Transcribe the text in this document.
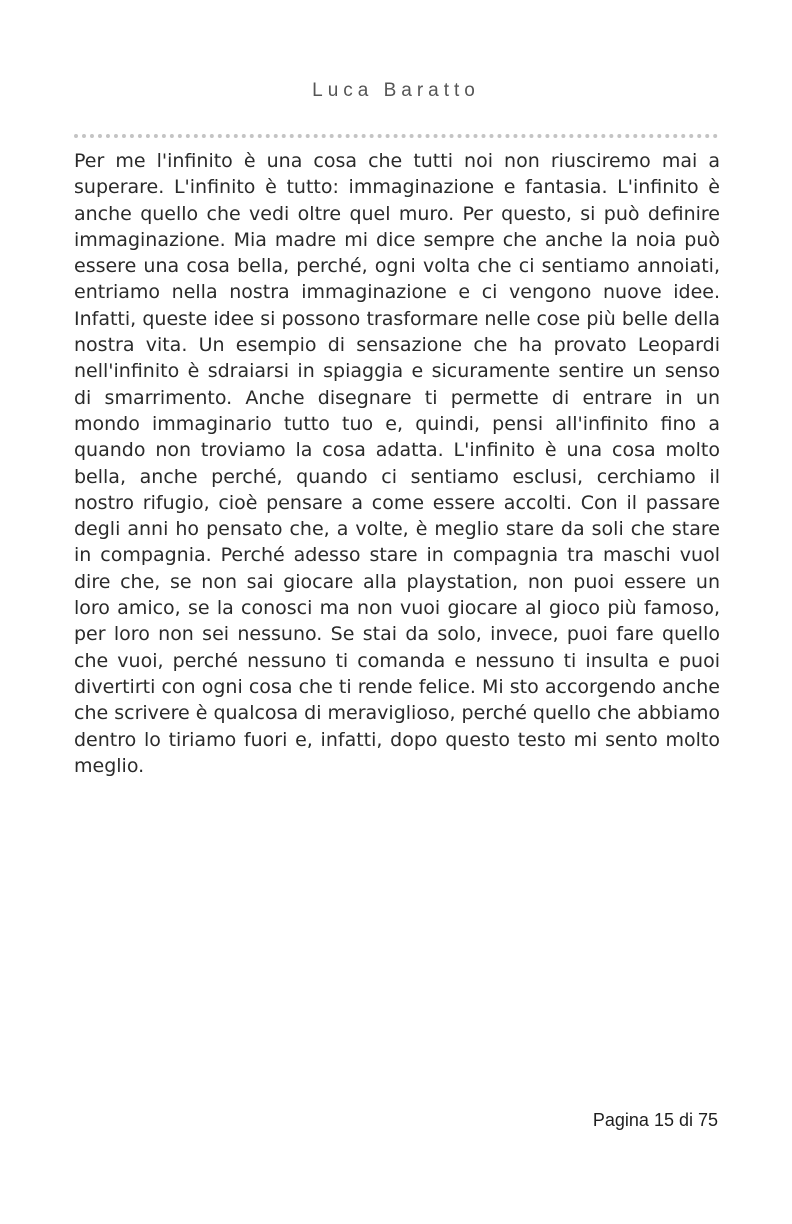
Luca Baratto

Per me l'infinito è una cosa che tutti noi non riusciremo mai a superare. L'infinito è tutto: immaginazione e fantasia. L'infinito è anche quello che vedi oltre quel muro. Per questo, si può definire immaginazione. Mia madre mi dice sempre che anche la noia può essere una cosa bella, perché, ogni volta che ci sentiamo annoiati, entriamo nella nostra immaginazione e ci vengono nuove idee. Infatti, queste idee si possono trasformare nelle cose più belle della nostra vita. Un esempio di sensazione che ha provato Leopardi nell'infinito è sdraiarsi in spiaggia e sicuramente sentire un senso di smarrimento. Anche disegnare ti permette di entrare in un mondo immaginario tutto tuo e, quindi, pensi all'infinito fino a quando non troviamo la cosa adatta. L'infinito è una cosa molto bella, anche perché, quando ci sentiamo esclusi, cerchiamo il nostro rifugio, cioè pensare a come essere accolti. Con il passare degli anni ho pensato che, a volte, è meglio stare da soli che stare in compagnia. Perché adesso stare in compagnia tra maschi vuol dire che, se non sai giocare alla playstation, non puoi essere un loro amico, se la conosci ma non vuoi giocare al gioco più famoso, per loro non sei nessuno. Se stai da solo, invece, puoi fare quello che vuoi, perché nessuno ti comanda e nessuno ti insulta e puoi divertirti con ogni cosa che ti rende felice. Mi sto accorgendo anche che scrivere è qualcosa di meraviglioso, perché quello che abbiamo dentro lo tiriamo fuori e, infatti, dopo questo testo mi sento molto meglio.

Pagina 15 di 75
